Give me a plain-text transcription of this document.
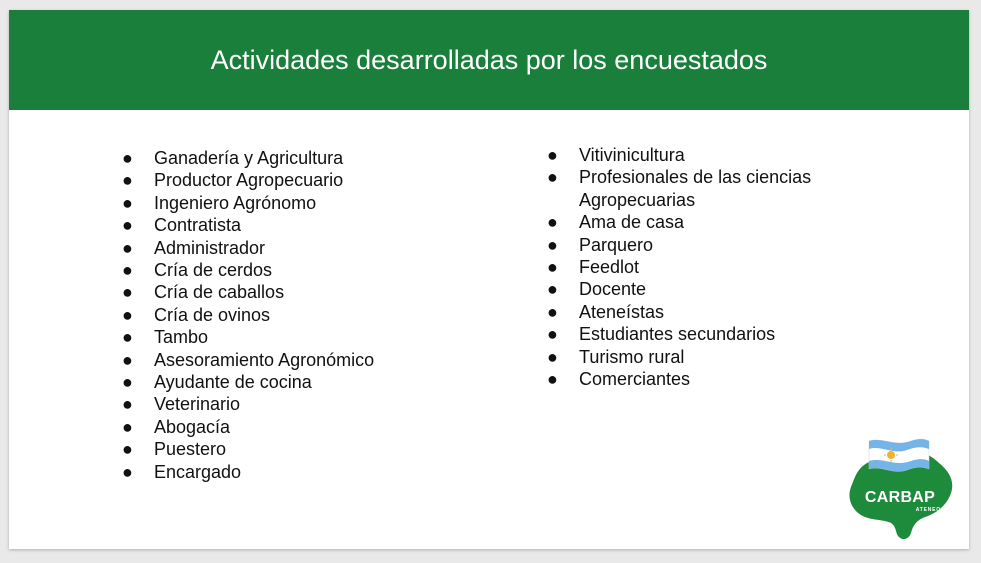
Actividades desarrolladas por los encuestados
● Ganadería y Agricultura
● Productor Agropecuario
● Ingeniero Agrónomo
● Contratista
● Administrador
● Cría de cerdos
● Cría de caballos
● Cría de ovinos
● Tambo
● Asesoramiento Agronómico
● Ayudante de cocina
● Veterinario
● Abogacía
● Puestero
● Encargado
● Vitivinicultura
● Profesionales de las ciencias Agropecuarias
● Ama de casa
● Parquero
● Feedlot
● Docente
● Ateneístas
● Estudiantes secundarios
● Turismo rural
● Comerciantes
CARBAP
ATENEO
